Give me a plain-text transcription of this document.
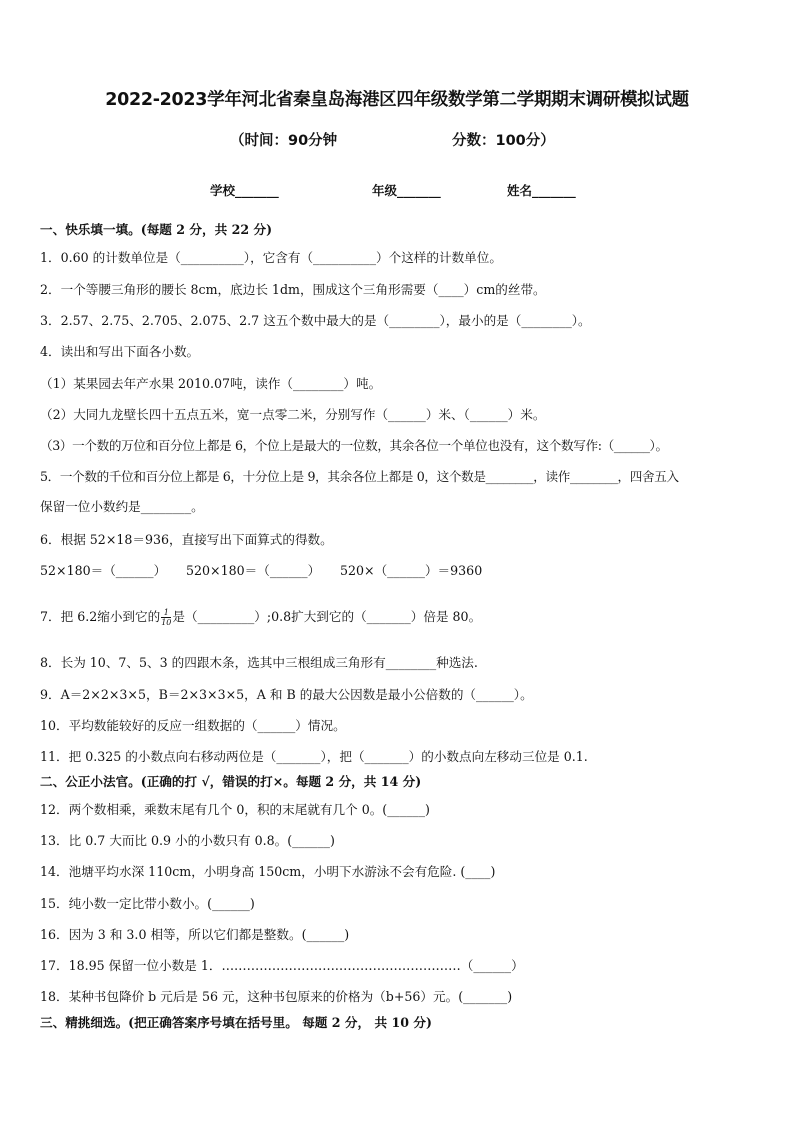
2022-2023学年河北省秦皇岛海港区四年级数学第二学期期末调研模拟试题
（时间：90分钟	分数：100分）
学校_______	年级_______	姓名_______
一、快乐填一填。(每题 2 分，共 22 分)
1．0.60 的计数单位是（__________），它含有（__________）个这样的计数单位。
2．一个等腰三角形的腰长 8cm，底边长 1dm，围成这个三角形需要（____）cm的丝带。
3．2.57、2.75、2.705、2.075、2.7 这五个数中最大的是（________），最小的是（________）。
4．读出和写出下面各小数。
（1）某果园去年产水果 2010.07吨，读作（________）吨。
（2）大同九龙壁长四十五点五米，宽一点零二米，分别写作（______）米、（______）米。
（3）一个数的万位和百分位上都是 6，个位上是最大的一位数，其余各位一个单位也没有，这个数写作:（______）。
5．一个数的千位和百分位上都是 6，十分位上是 9，其余各位上都是 0，这个数是________，读作________，四舍五入
保留一位小数约是________。
6．根据 52×18＝936，直接写出下面算式的得数。
52×180＝（______） 520×180＝（______） 520×（______）＝9360
7．把 6.2缩小到它的 $\frac{1}{10}$ 是（_________）;0.8扩大到它的（_______）倍是 80。
8．长为 10、7、5、3 的四跟木条，选其中三根组成三角形有________种选法.
9．A＝2×2×3×5，B＝2×3×3×5，A 和 B 的最大公因数是最小公倍数的（______）。
10．平均数能较好的反应一组数据的（______）情况。
11．把 0.325 的小数点向右移动两位是（_______），把（_______）的小数点向左移动三位是 0.1.
二、公正小法官。(正确的打 √，错误的打×。每题 2 分，共 14 分)
12．两个数相乘，乘数末尾有几个 0，积的末尾就有几个 0。(______)
13．比 0.7 大而比 0.9 小的小数只有 0.8。(______)
14．池塘平均水深 110cm，小明身高 150cm，小明下水游泳不会有危险. (____)
15．纯小数一定比带小数小。(______)
16．因为 3 和 3.0 相等，所以它们都是整数。(______)
17．18.95 保留一位小数是 1．…………………………………………………（______）
18．某种书包降价 b 元后是 56 元，这种书包原来的价格为（b+56）元。(_______)
三、精挑细选。(把正确答案序号填在括号里。 每题 2 分， 共 10 分)
